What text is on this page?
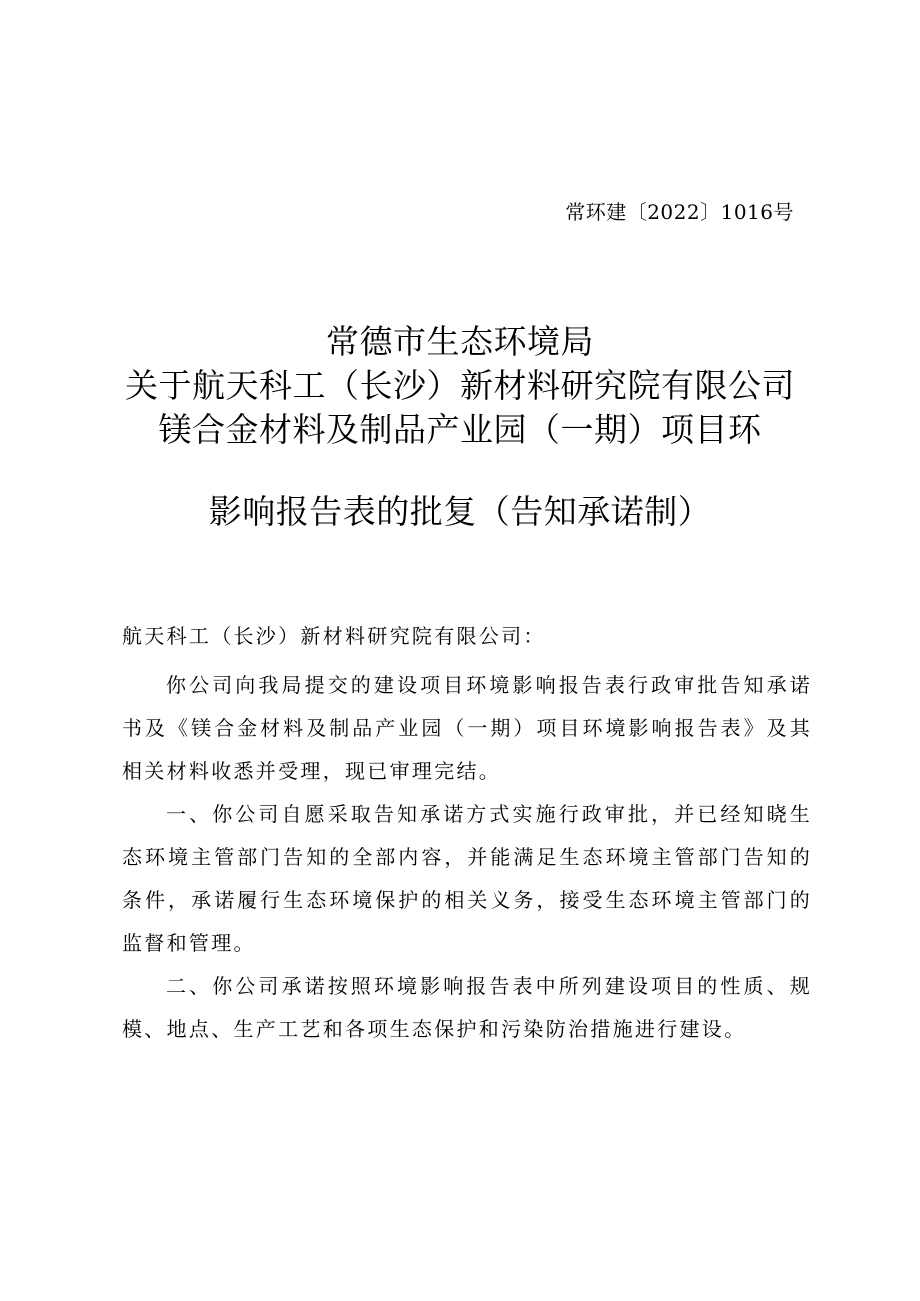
常环建〔2022〕1016号
常德市生态环境局
关于航天科工（长沙）新材料研究院有限公司
镁合金材料及制品产业园（一期）项目环
影响报告表的批复（告知承诺制）
航天科工（长沙）新材料研究院有限公司：

你公司向我局提交的建设项目环境影响报告表行政审批告知承诺书及《镁合金材料及制品产业园（一期）项目环境影响报告表》及其相关材料收悉并受理，现已审理完结。

一、你公司自愿采取告知承诺方式实施行政审批，并已经知晓生态环境主管部门告知的全部内容，并能满足生态环境主管部门告知的条件，承诺履行生态环境保护的相关义务，接受生态环境主管部门的监督和管理。

二、你公司承诺按照环境影响报告表中所列建设项目的性质、规模、地点、生产工艺和各项生态保护和污染防治措施进行建设。
